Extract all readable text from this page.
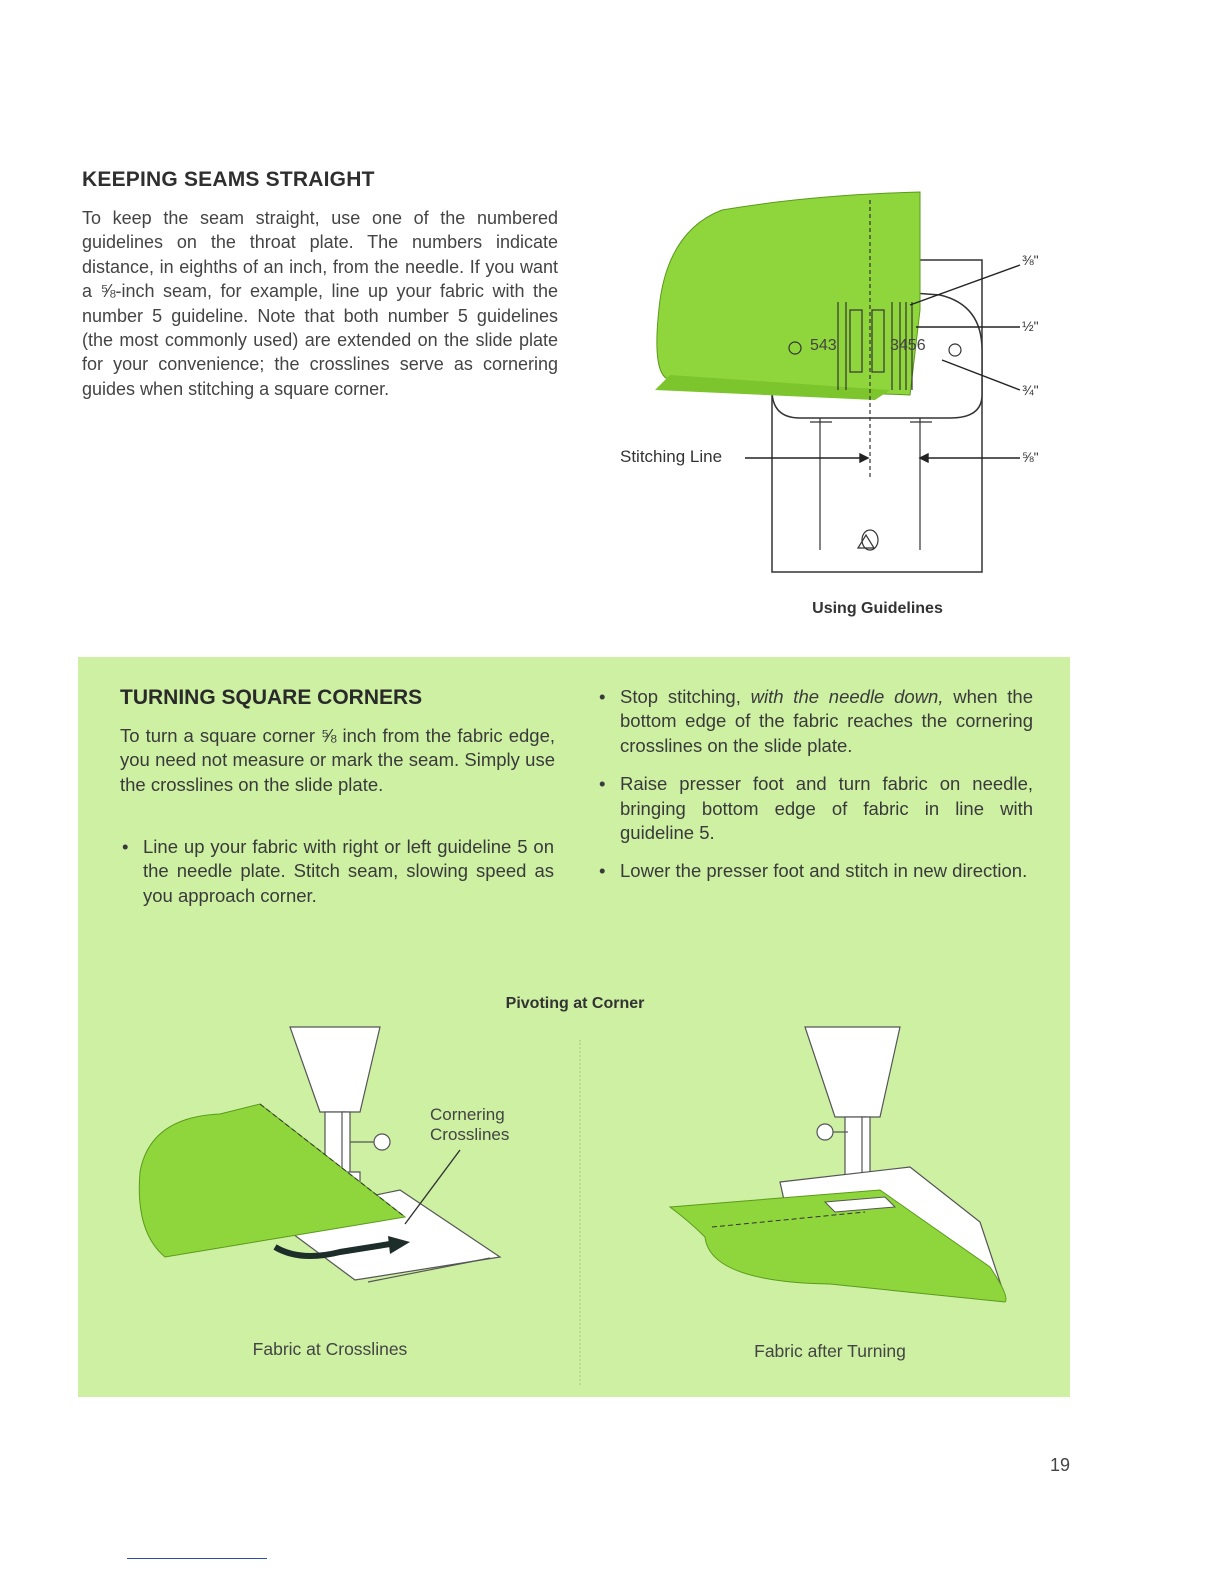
KEEPING SEAMS STRAIGHT

To keep the seam straight, use one of the numbered guidelines on the throat plate. The numbers indicate distance, in eighths of an inch, from the needle. If you want a ⅝-inch seam, for example, line up your fabric with the number 5 guideline. Note that both number 5 guidelines (the most commonly used) are extended on the slide plate for your convenience; the crosslines serve as cornering guides when stitching a square corner.

543	3456
⅜"
½"
¾"
⅝"
Stitching Line
Using Guidelines
TURNING SQUARE CORNERS

To turn a square corner ⅝ inch from the fabric edge, you need not measure or mark the seam. Simply use the crosslines on the slide plate.

• Line up your fabric with right or left guideline 5 on the needle plate. Stitch seam, slowing speed as you approach corner.
• Stop stitching, with the needle down, when the bottom edge of the fabric reaches the cornering crosslines on the slide plate.
• Raise presser foot and turn fabric on needle, bringing bottom edge of fabric in line with guideline 5.
• Lower the presser foot and stitch in new direction.
Pivoting at Corner
Cornering
Crosslines
Fabric at Crosslines	Fabric after Turning
19
